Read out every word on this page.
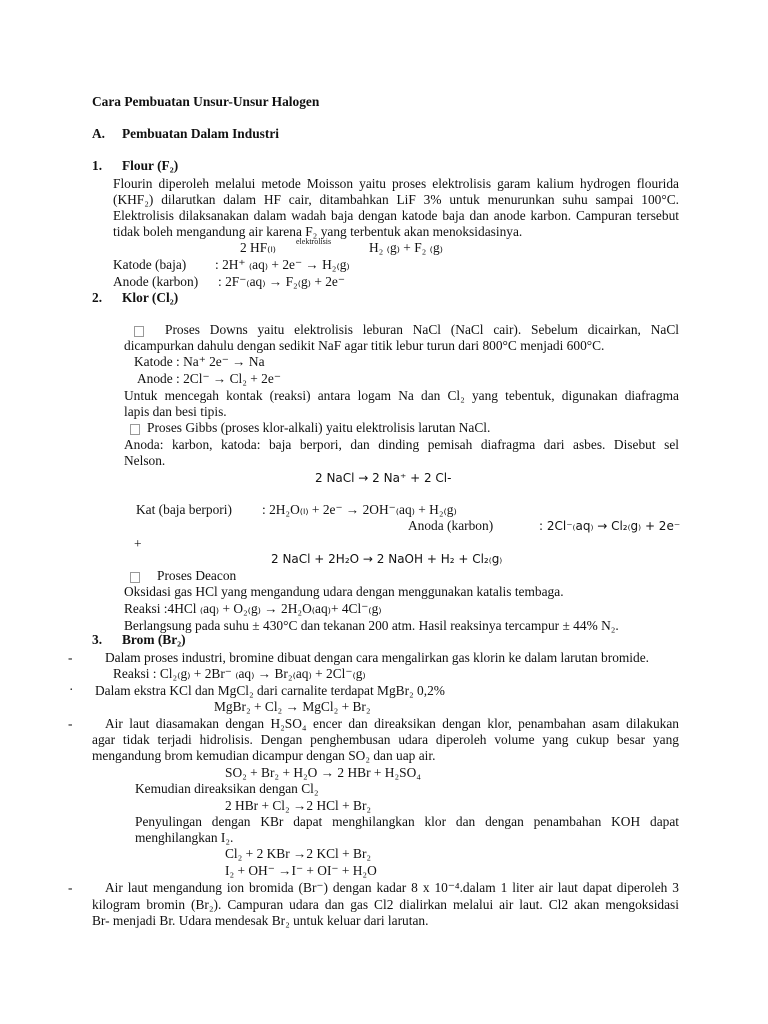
Cara Pembuatan Unsur-Unsur Halogen
A. Pembuatan Dalam Industri
1. Flour (F₂)
Flourin diperoleh melalui metode Moisson yaitu proses elektrolisis garam kalium hydrogen flourida
(KHF₂) dilarutkan dalam HF cair, ditambahkan LiF 3% untuk menurunkan suhu sampai 100°C.
Elektrolisis dilaksanakan dalam wadah baja dengan katode baja dan anode karbon. Campuran tersebut
tidak boleh mengandung air karena F₂ yang terbentuk akan menoksidasinya.
2 HF₍ₗ₎	elektrolisis	H₂ ₍g₎ + F₂ ₍g₎
Katode (baja) : 2H⁺ ₍aq₎ + 2e⁻ → H₂₍g₎
Anode (karbon) : 2F⁻₍aq₎ → F₂₍g₎ + 2e⁻
2. Klor (Cl₂)
Proses Downs yaitu elektrolisis leburan NaCl (NaCl cair). Sebelum dicairkan, NaCl
dicampurkan dahulu dengan sedikit NaF agar titik lebur turun dari 800°C menjadi 600°C.
Katode : Na⁺ 2e⁻ → Na
Anode : 2Cl⁻ → Cl₂ + 2e⁻
Untuk mencegah kontak (reaksi) antara logam Na dan Cl₂ yang tebentuk, digunakan diafragma
lapis dan besi tipis.
Proses Gibbs (proses klor-alkali) yaitu elektrolisis larutan NaCl.
Anoda: karbon, katoda: baja berpori, dan dinding pemisah diafragma dari asbes. Disebut sel
Nelson.
2 NaCl → 2 Na⁺ + 2 Cl-
Kat (baja berpori) : 2H₂O₍ₗ₎ + 2e⁻ → 2OH⁻₍aq₎ + H₂₍g₎
Anoda (karbon)	: 2Cl⁻₍aq₎ → Cl₂₍g₎ + 2e⁻
+
2 NaCl + 2H₂O → 2 NaOH + H₂ + Cl₂₍g₎
Proses Deacon
Oksidasi gas HCl yang mengandung udara dengan menggunakan katalis tembaga.
Reaksi :4HCl ₍aq₎ + O₂₍g₎ → 2H₂O₍aq₎+ 4Cl⁻₍g₎
Berlangsung pada suhu ± 430°C dan tekanan 200 atm. Hasil reaksinya tercampur ± 44% N₂.
3. Brom (Br₂)
- Dalam proses industri, bromine dibuat dengan cara mengalirkan gas klorin ke dalam larutan bromide.
Reaksi : Cl₂₍g₎ + 2Br⁻ ₍aq₎ → Br₂₍aq₎ + 2Cl⁻₍g₎
· Dalam ekstra KCl dan MgCl₂ dari carnalite terdapat MgBr₂ 0,2%
MgBr₂ + Cl₂ → MgCl₂ + Br₂
- Air laut diasamakan dengan H₂SO₄ encer dan direaksikan dengan klor, penambahan asam dilakukan
agar tidak terjadi hidrolisis. Dengan penghembusan udara diperoleh volume yang cukup besar yang
mengandung brom kemudian dicampur dengan SO₂ dan uap air.
SO₂ + Br₂ + H₂O → 2 HBr + H₂SO₄
Kemudian direaksikan dengan Cl₂
2 HBr + Cl₂ →2 HCl + Br₂
Penyulingan dengan KBr dapat menghilangkan klor dan dengan penambahan KOH dapat
menghilangkan I₂.
Cl₂ + 2 KBr →2 KCl + Br₂
I₂ + OH⁻ →I⁻ + OI⁻ + H₂O
- Air laut mengandung ion bromida (Br⁻) dengan kadar 8 x 10⁻⁴.dalam 1 liter air laut dapat diperoleh 3
kilogram bromin (Br₂). Campuran udara dan gas Cl2 dialirkan melalui air laut. Cl2 akan mengoksidasi
Br- menjadi Br. Udara mendesak Br₂ untuk keluar dari larutan.
